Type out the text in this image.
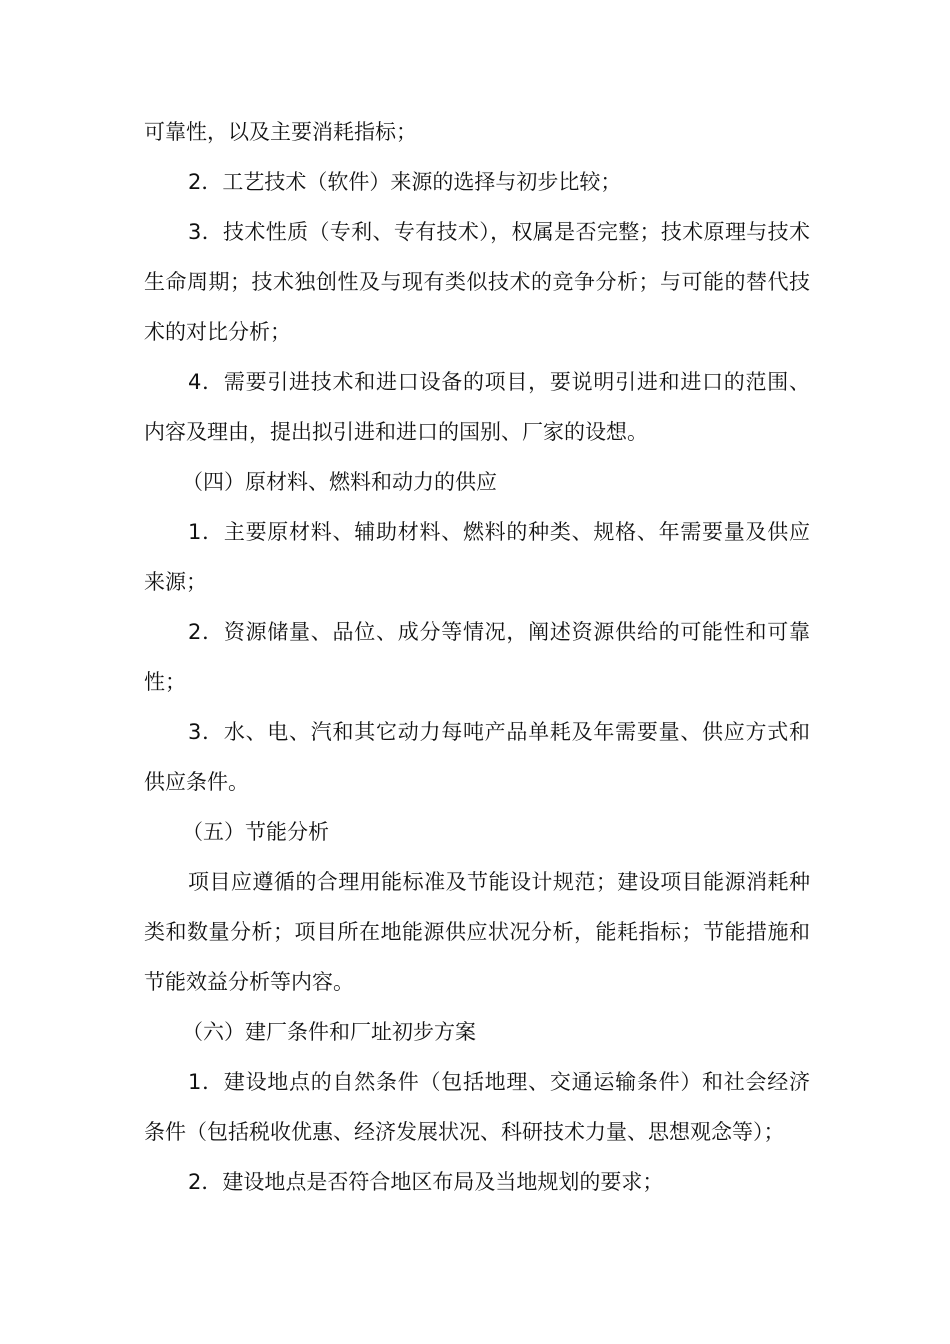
可靠性，以及主要消耗指标；

2．工艺技术（软件）来源的选择与初步比较；

3．技术性质（专利、专有技术），权属是否完整；技术原理与技术生命周期；技术独创性及与现有类似技术的竞争分析；与可能的替代技术的对比分析；

4．需要引进技术和进口设备的项目，要说明引进和进口的范围、内容及理由，提出拟引进和进口的国别、厂家的设想。

（四）原材料、燃料和动力的供应

1．主要原材料、辅助材料、燃料的种类、规格、年需要量及供应来源；

2．资源储量、品位、成分等情况，阐述资源供给的可能性和可靠性；

3．水、电、汽和其它动力每吨产品单耗及年需要量、供应方式和供应条件。

（五）节能分析

项目应遵循的合理用能标准及节能设计规范；建设项目能源消耗种类和数量分析；项目所在地能源供应状况分析，能耗指标；节能措施和节能效益分析等内容。

（六）建厂条件和厂址初步方案

1．建设地点的自然条件（包括地理、交通运输条件）和社会经济条件（包括税收优惠、经济发展状况、科研技术力量、思想观念等）；

2．建设地点是否符合地区布局及当地规划的要求；
